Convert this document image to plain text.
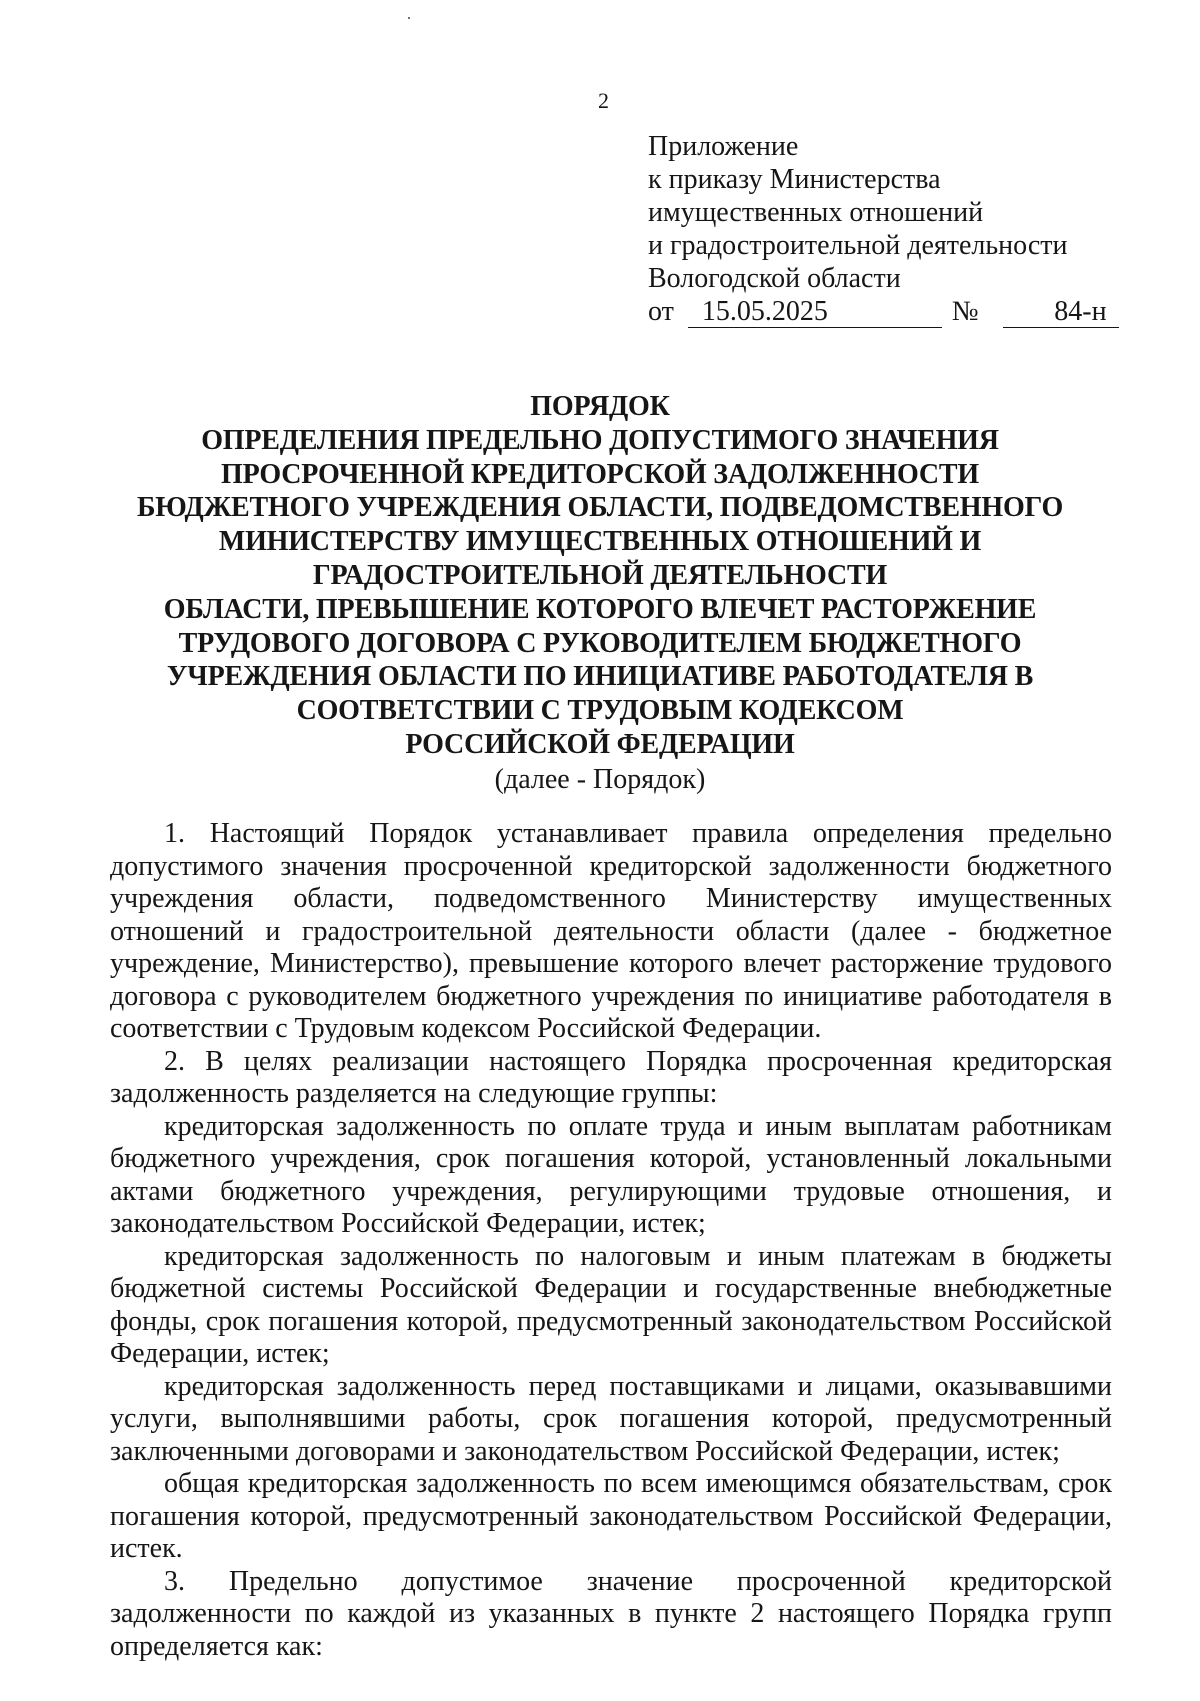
2
Приложение
к приказу Министерства
имущественных отношений
и градостроительной деятельности
Вологодской области
от 15.05.2025	№	84-н
ПОРЯДОК
ОПРЕДЕЛЕНИЯ ПРЕДЕЛЬНО ДОПУСТИМОГО ЗНАЧЕНИЯ
ПРОСРОЧЕННОЙ КРЕДИТОРСКОЙ ЗАДОЛЖЕННОСТИ
БЮДЖЕТНОГО УЧРЕЖДЕНИЯ ОБЛАСТИ, ПОДВЕДОМСТВЕННОГО
МИНИСТЕРСТВУ ИМУЩЕСТВЕННЫХ ОТНОШЕНИЙ И
ГРАДОСТРОИТЕЛЬНОЙ ДЕЯТЕЛЬНОСТИ
ОБЛАСТИ, ПРЕВЫШЕНИЕ КОТОРОГО ВЛЕЧЕТ РАСТОРЖЕНИЕ
ТРУДОВОГО ДОГОВОРА С РУКОВОДИТЕЛЕМ БЮДЖЕТНОГО
УЧРЕЖДЕНИЯ ОБЛАСТИ ПО ИНИЦИАТИВЕ РАБОТОДАТЕЛЯ В
СООТВЕТСТВИИ С ТРУДОВЫМ КОДЕКСОМ
РОССИЙСКОЙ ФЕДЕРАЦИИ
(далее - Порядок)

1. Настоящий Порядок устанавливает правила определения предельно допустимого значения просроченной кредиторской задолженности бюджетного учреждения области, подведомственного Министерству имущественных отношений и градостроительной деятельности области (далее - бюджетное учреждение, Министерство), превышение которого влечет расторжение трудового договора с руководителем бюджетного учреждения по инициативе работодателя в соответствии с Трудовым кодексом Российской Федерации.

2. В целях реализации настоящего Порядка просроченная кредиторская задолженность разделяется на следующие группы:

кредиторская задолженность по оплате труда и иным выплатам работникам бюджетного учреждения, срок погашения которой, установленный локальными актами бюджетного учреждения, регулирующими трудовые отношения, и законодательством Российской Федерации, истек;

кредиторская задолженность по налоговым и иным платежам в бюджеты бюджетной системы Российской Федерации и государственные внебюджетные фонды, срок погашения которой, предусмотренный законодательством Российской Федерации, истек;

кредиторская задолженность перед поставщиками и лицами, оказывавшими услуги, выполнявшими работы, срок погашения которой, предусмотренный заключенными договорами и законодательством Российской Федерации, истек;

общая кредиторская задолженность по всем имеющимся обязательствам, срок погашения которой, предусмотренный законодательством Российской Федерации, истек.

3. Предельно допустимое значение просроченной кредиторской задолженности по каждой из указанных в пункте 2 настоящего Порядка групп определяется как:
